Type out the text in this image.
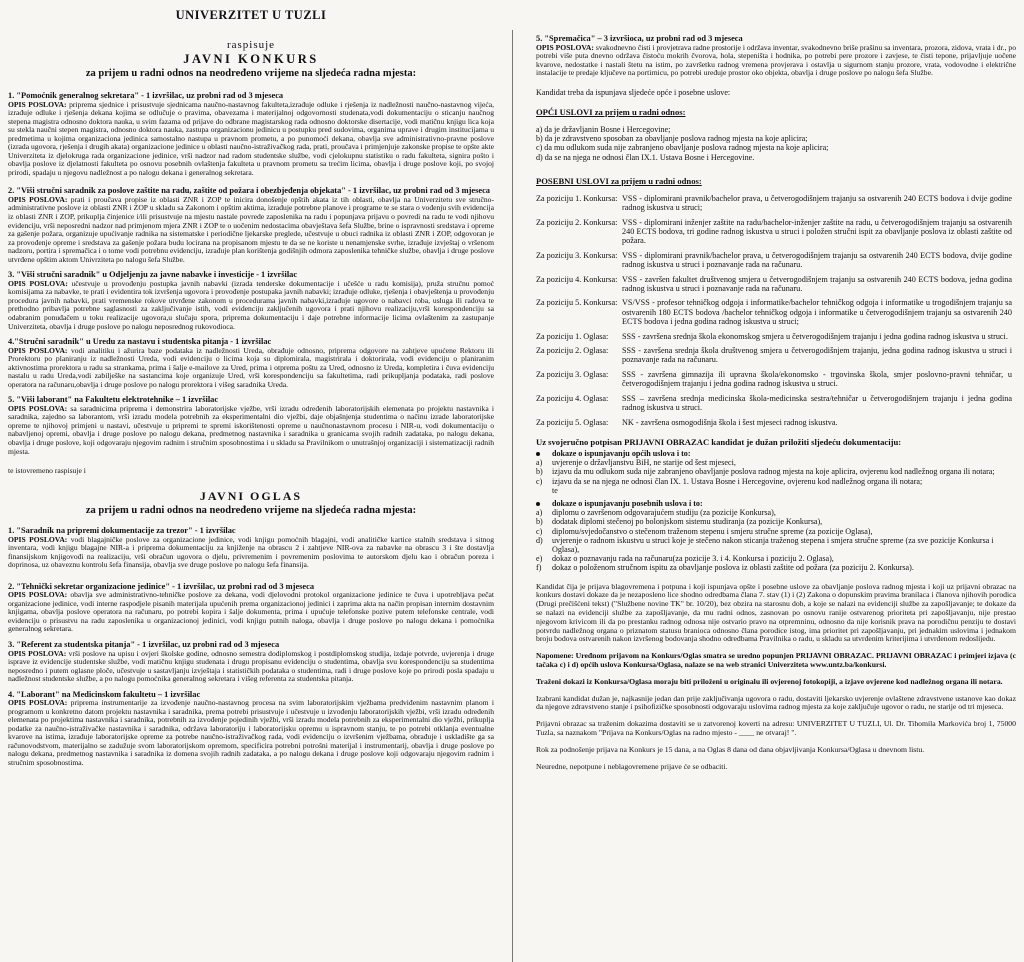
UNIVERZITET U TUZLI
raspisuje
JAVNI KONKURS
za prijem u radni odnos na neodređeno vrijeme na sljedeća radna mjesta:
1. "Pomoćnik generalnog sekretara" - 1 izvršilac, uz probni rad od 3 mjeseca
OPIS POSLOVA: priprema sjednice i prisustvuje sjednicama naučno-nastavnog fakulteta,izrađuje odluke i rješenja iz nadležnosti naučno-nastavnog vijeća, izrađuje odluke i rješenja dekana kojima se odlučuje o pravima, obavezama i materijalnoj odgovornosti studenata,vodi dokumentaciju o sticanju naučnog stepena magistra odnosno doktora nauka, u svim fazama od prijave do odbrane magistarskog rada odnosno doktorske disertacije, vodi matičnu knjigu lica koja su stekla naučni stepen magistra, odnosno doktora nauka, zastupa organizacionu jedinicu u postupku pred sudovima, organima uprave i drugim institucijama u predmetima u kojima organizaciona jedinica samostalno nastupa u pravnom prometu, a po punomoći dekana, obavlja sve administrativno-pravne poslove (izrada ugovora, rješenja i drugih akata) organizacione jedinice u oblasti naučno-istraživačkog rada, prati, proučava i primjenjuje zakonske propise te opšte akte Univerziteta iz djelokruga rada organizacione jedinice, vrši nadzor nad radom studentske službe, vodi cjelokupnu statistiku o radu fakulteta, signira pošto i obavlja poslove iz djelatnosti fakulteta po osnovu posebnih ovlaštenja fakulteta u pravnom prometu sa trećim licima, obavlja i druge poslove koji, po svojoj prirodi, spadaju u njegovu nadležnost a po nalogu dekana i generalnog sekretara.
2. "Viši stručni saradnik za poslove zaštite na radu, zaštite od požara i obezbjeđenja objekata" - 1 izvršilac, uz probni rad od 3 mjeseca
OPIS POSLOVA: prati i proučava propise iz oblasti ZNR i ZOP te inicira donošenje opštih akata iz tih oblasti, obavlja na Univerzitetu sve stručno-administrativne poslove iz oblasti ZNR i ZOP u skladu sa Zakonom i opštim aktima, izrađuje potrebne planove i programe te se stara o vođenju svih evidencija iz oblasti ZNR i ZOP, prikuplja činjenice i/ili prisustvuje na mjestu nastale povrede zaposlenika na radu i popunjava prijavu o povredi na radu te vodi njihovu evidenciju, vrši neposredni nadzor nad primjenom mjera ZNR i ZOP te o uočenim nedostacima obavještava šefa Službe, brine o ispravnosti sredstava i opreme za gašenje požara, organizuje upućivanje radnika na sistematske i periodične ljekarske preglede, učestvuje u obuci radnika iz oblasti ZNR i ZOP, odgovoran je za provođenje opreme i sredstava za gašenje požara budu locirana na propisanom mjestu te da se ne koriste u nenamjenske svrhe, izrađuje izvještaj o vršenom nadzoru, portira i spremačica i o tome vodi potrebnu evidenciju, izrađuje plan korištenja godišnjih odmora zaposlenika tehničke službe, obavlja i druge poslove utvrđene opštim aktom Univrziteta po nalogu šefa Službe.
3. "Viši stručni saradnik" u Odjeljenju za javne nabavke i investicije - 1 izvršilac
OPIS POSLOVA: učestvuje u provođenju postupka javnih nabavki (izrada tenderske dokumentacije i učešće u radu komisija), pruža stručnu pomoć komisijama za nabavke, te prati i evidentira tok izvršenja ugovora i provođenje postupaka javnih nabavki; izrađuje odluke, rješenja i obavještenja u provođenju procedura javnih nabavki, prati vremenske rokove utvrđene zakonom u procedurama javnih nabavki,izrađuje ugovore o nabavci roba, usluga ili radova te prethodno pribavlja potrebne saglasnosti za zaključivanje istih, vodi evidenciju zaključenih ugovora i prati njihovu realizaciju,vrši korespondenciju sa odabranim ponuđačem u toku realizacije ugovora,u slučaju spora, priprema dokumentaciju i daje potrebne informacije licima ovlaštenim za zastupanje Univerziteta, obavlja i druge poslove po nalogu neposrednog rukovodioca.
4."Stručni saradnik" u Uredu za nastavu i studentska pitanja - 1 izvršilac
OPIS POSLOVA: vodi analitiku i ažurira baze podataka iz nadležnosti Ureda, obrađuje odnosno, priprema odgovore na zahtjeve upućene Rektoru ili Prorektoru po planiranju iz nadležnosti Ureda, vodi evidenciju o licima koja su diplomirala, magistrirala i doktorirala, vodi evidenciju o planiranim aktivnostima prorektora u radu sa strankama, prima i šalje e-mailove za Ured, prima i otprema poštu za Ured, odnosno iz Ureda, kompletira i čuva evidenciju nastalu u radu Ureda,vodi zabilješke na sastancima koje organizuje Ured, vrši korespondenciju sa fakultetima, radi prikupljanja podataka, radi poslove operatora na računaru,obavlja i druge poslove po nalogu prorektora i višeg saradnika Ureda.
5. "Viši laborant" na Fakultetu elektrotehnike – 1 izvršilac
OPIS POSLOVA: sa saradnicima priprema i demonstrira laboratorijske vježbe, vrši izradu određenih laboratorijskih elemenata po projektu nastavnika i saradnika, zajedno sa laborantom, vrši izradu modela potrebnih za eksperimentalni dio vježbi, daje objašnjenja studentima o načinu izrade laboratorijske opreme te njihovoj primjeni u nastavi, učestvuje u pripremi te spremi iskorištenosti opreme u naučnonastavnom procesu i NIR-u, vodi dokumentaciju o nabavljenoj opremi, obavlja i druge poslove po nalogu dekana, predmetnog nastavnika i saradnika u granicama svojih radnih zadataka, po nalogu dekana, obavlja i druge poslove, koji odgovaraju njegovim radnim i stručnim sposobnostima i u skladu sa Pravilnikom o unutrašnjoj organizaciji i sistematizaciji radnih mjesta.
te istovremeno raspisuje i
JAVNI OGLAS
za prijem u radni odnos na neodređeno vrijeme na sljedeća radna mjesta:
1. "Saradnik na pripremi dokumentacije za trezor" - 1 izvršilac
OPIS POSLOVA: vodi blagajničke poslove za organizacione jedinice, vodi knjigu pomoćnih blagajni, vodi analitičke kartice stalnih sredstava i sitnog inventara, vodi knjigu blagajne NIR-a i priprema dokumentaciju za knjiženje na obrascu 2 i zahtjeve NIR-ova za nabavke na obrascu 3 i šte dostavlja finansijskom knjigovođi na realizaciju, vrši obračun ugovora o djelu, privremenim i povremenim poslovima te autorskom djelu kao i obračun poreza i doprinosa, uz obaveznu kontrolu šefa finansija, obavlja sve druge poslove po nalogu šefa finansija.
2. "Tehnički sekretar organizacione jedinice" - 1 izvršilac, uz probni rad od 3 mjeseca
OPIS POSLOVA: obavlja sve administrativno-tehničke poslove za dekana, vodi djelovodni protokol organizacione jedinice te čuva i upotrebljava pečat organizacione jedinice, vodi interne raspodjele pisanih materijala upućenih prema organizacionoj jedinici i zaprima akta na način propisan internim dostavnim knjigama, obavlja poslove operatora na računaru, po potrebi kopira i šalje dokumenta, prima i upućuje telefonske pozive putem telefonske centrale, vodi evidenciju o prisustvu na radu zaposlenika u organizacionoj jedinici, vodi knjigu putnih naloga, obavlja i druge poslove po nalogu dekana i pomoćnika generalnog sekretara.
3. "Referent za studentska pitanja" - 1 izvršilac, uz probni rad od 3 mjeseca
OPIS POSLOVA: vrši poslove na upisu i ovjeri školske godine, odnosno semestra dodiplomskog i postdiplomskog studija, izdaje potvrde, uvjerenja i druge isprave iz evidencije studentske službe, vodi matičnu knjigu studenata i drugu propisanu evidenciju o studentima, obavlja svu korespondenciju sa studentima neposredno i putem oglasne ploče, učestvuje u sastavljanju izvještaja i statističkih podataka o studentima, radi i druge poslove koje po prirodi posla spadaju u nadležnost studentske službe, a po nalogu pomoćnika generalnog sekretara i višeg referenta za studentska pitanja.
4. "Laborant" na Medicinskom fakultetu – 1 izvršilac
OPIS POSLOVA: priprema instrumentarije za izvođenje naučno-nastavnog procesa na svim laboratorijskim vježbama predviđenim nastavnim planom i programom u konkretno datom projektu nastavnika i saradnika, prema potrebi prisustvuje i učestvuje u izvođenju laboratorijskih vježbi, vrši izradu određenih elemenata po projektima nastavnika i saradnika, potrebnih za izvođenje pojedinih vježbi, vrši izradu modela potrebnih za eksperimentalni dio vježbi, prikuplja podatke za naučno-istraživačke nastavnika i saradnika, održava laboratoriju i laboratorijsku opremu u ispravnom stanju, te po potrebi otklanja eventualne kvarove na istima, izrađuje laboratorijske opreme za potrebe naučno-istraživačkog rada, vodi evidenciju o izvršenim vježbama, obrađuje i uskladište ga sa računovodstvom, materijalno se zadužuje svom laboratorijskom opremom, specificira potrebni potrošni materijal i instrumentarij, obavlja i druge poslove po nalogu dekana, predmetnog nastavnika i saradnika iz domena svojih radnih zadataka, a po nalogu dekana i druge poslove koji odgovaraju njegovim radnim i stručnim sposobnostima.
5. "Spremačica" – 3 izvršioca, uz probni rad od 3 mjeseca
OPIS POSLOVA: svakodnevno čisti i provjetrava radne prostorije i održava inventar, svakodnevno briše prašinu sa inventara, prozora, zidova, vrata i dr., po potrebi više puta dnevno održava čistoću mokrih čvorova, hola, stepeništa i hodnika, po potrebi pere prozore i zavjese, te čisti tepone, prijavljuje uočene kvarove, nedostatke i nastali štetu na istim, po završetku radnog vremena provjerava i ostavlja u sigurnom stanju prozore, vrata, vodovodne i električne instalacije te predaje ključeve na portirnicu, po potrebi uređuje prostor oko objekta, obavlja i druge poslove po nalogu šefa Službe.
Kandidat treba da ispunjava sljedeće opće i posebne uslove:
OPĆI USLOVI za prijem u radni odnos:
a) da je državljanin Bosne i Hercegovine;
b) da je zdravstveno sposoban za obavljanje poslova radnog mjesta na koje aplicira;
c) da mu odlukom suda nije zabranjeno obavljanje poslova radnog mjesta na koje aplicira;
d) da se na njega ne odnosi član IX.1. Ustava Bosne i Hercegovine.
POSEBNI USLOVI za prijem u radni odnos:
Za poziciju 1. Konkursa: VSS - diplomirani pravnik/bachelor prava, u četverogodišnjem trajanju sa ostvarenih 240 ECTS bodova i dvije godine radnog iskustva u struci;
Za poziciju 2. Konkursa: VSS - diplomirani inženjer zaštite na radu/bachelor-inženjer zaštite na radu, u četverogodišnjem trajanju sa ostvarenih 240 ECTS bodova, tri godine radnog iskustva u struci i položen stručni ispit za obavljanje poslova iz oblasti zaštite od požara.
Za poziciju 3. Konkursa: VSS - diplomirani pravnik/bachelor prava, u četverogodišnjem trajanju sa ostvarenih 240 ECTS bodova, dvije godine radnog iskustva u struci i poznavanje rada na računaru.
Za poziciju 4. Konkursa: VSS - završen fakultet društvenog smjera u četverogodišnjem trajanju sa ostvarenih 240 ECTS bodova, jedna godina radnog iskustva u struci i poznavanje rada na računaru.
Za poziciju 5. Konkursa: VS/VSS - profesor tehničkog odgoja i informatike/bachelor tehničkog odgoja i informatike u trogodišnjem trajanju sa ostvarenih 180 ECTS bodova /bachelor tehničkog odgoja i informatike u četverogodišnjem trajanju sa ostvarenih 240 ECTS bodova i jedna godina radnog iskustva u struci;
Za poziciju 1. Oglasa:	SSS - završena srednja škola ekonomskog smjera u četverogodišnjem trajanju i jedna godina radnog iskustva u struci.
Za poziciju 2. Oglasa:	SSS - završena srednja škola društvenog smjera u četverogodišnjem trajanju, jedna godina radnog iskustva u struci i poznavanje rada na računaru.
Za poziciju 3. Oglasa:	SSS - završena gimnazija ili upravna škola/ekonomsko - trgovinska škola, smjer poslovno-pravni tehničar, u četverogodišnjem trajanju i jedna godina radnog iskustva u struci.
Za poziciju 4. Oglasa:	SSS – završena srednja medicinska škola-medicinska sestra/tehničar u četverogodišnjem trajanju i jedna godina radnog iskustva u struci.
Za poziciju 5. Oglasa:	NK - završena osmogodišnja škola i šest mjeseci radnog iskustva.
Uz svojeručno potpisan PRIJAVNI OBRAZAC kandidat je dužan priložiti sljedeću dokumentaciju:
dokaze o ispunjavanju općih uslova i to:
a)	uvjerenje o državljanstvu BiH, ne starije od šest mjeseci,
b)	izjavu da mu odlukom suda nije zabranjeno obavljanje poslova radnog mjesta na koje aplicira, ovjerenu kod nadležnog organa ili notara;
c)	izjavu da se na njega ne odnosi član IX. 1. Ustava Bosne i Hercegovine, ovjerenu kod nadležnog organa ili notara;
te
dokaze o ispunjavanju posebnih uslova i to:
a)	diplomu o završenom odgovarajućem studiju (za pozicije Konkursa),
b)	dodatak diplomi stečenoj po bolonjskom sistemu studiranja (za pozicije Konkursa),
c)	diplomu/svjedočanstvo o stečenom traženom stepenu i smjeru stručne spreme (za pozicije Oglasa),
d)	uvjerenje o radnom iskustvu u struci koje je stečeno nakon sticanja traženog stepena i smjera stručne spreme (za sve pozicije Konkursa i Oglasa),
e)	dokaz o poznavanju rada na računaru(za pozicije 3. i 4. Konkursa i poziciju 2. Oglasa),
f)	dokaz o položenom stručnom ispitu za obavljanje poslova iz oblasti zaštite od požara (za poziciju 2. Konkursa).
Kandidat čija je prijava blagovremena i potpuna i koji ispunjava opšte i posebne uslove za obavljanje poslova radnog mjesta i koji uz prijavni obrazac na konkurs dostavi dokaze da je nezaposleno lice shodno odredbama člana 7. stav (1) i (2) Zakona o dopunskim pravima branilaca i članova njihovih porodica (Drugi prečišćeni tekst) ("Službene novine TK" br. 10/20), bez obzira na starosnu dob, a koje se nalazi na evidenciji službe za zapošljavanje; te dokaze da se nalazi na evidenciji službe za zapošljavanje, da mu radni odnos, zasnovan po osnovu ranije ostvarenog prioriteta pri zapošljavanju, nije prestao njegovom krivicom ili da po prestanku radnog odnosa nije ostvario pravo na otpremninu, odnosno da nije korisnik prava na porodičnu penziju te dostavi potvrdu nadležnog organa o priznatom statusu branioca odnosno člana porodice istog, ima prioritet pri zapošljavanju, pri jednakim uslovima i jednakom broju bodova ostvarenih nakon izvršenog bodovanja shodno odredbama Pravilnika o radu, u skladu sa utvrđenim kriterijima i utvrđenom redoslijedu.
Napomene: Uređnom prijavom na Konkurs/Oglas smatra se uredno popunjen PRIJAVNI OBRAZAC. PRIJAVNI OBRAZAC i primjeri izjava (c tačaka c) i d) općih uslova Konkursa/Oglasa, nalaze se na web stranici Univerziteta www.untz.ba/konkursi.
Traženi dokazi iz Konkursa/Oglasa moraju biti priloženi u originalu ili ovjerenoj fotokopiji, a izjave ovjerene kod nadležnog organa ili notara.
Izabrani kandidat dužan je, najkasnije jedan dan prije zaključivanja ugovora o radu, dostaviti ljekarsko uvjerenje ovlaštene zdravstvene ustanove kao dokaz da njegove zdravstveno stanje i psihofizičke sposobnosti odgovaraju uslovima radnog mjesta za koje zaključuje ugovor o radu, ne starije od tri mjeseca.
Prijavni obrazac sa traženim dokazima dostaviti se u zatvorenoj koverti na adresu: UNIVERZITET U TUZLI, Ul. Dr. Tihomila Markovića broj 1, 75000 Tuzla, sa naznakom "Prijava na Konkurs/Oglas na radno mjesto - ____ ne otvaraj! ".
Rok za podnošenje prijava na Konkurs je 15 dana, a na Oglas 8 dana od dana objavljivanja Konkursa/Oglasa u dnevnom listu.
Neuredne, nepotpune i neblagovremene prijave će se odbaciti.
